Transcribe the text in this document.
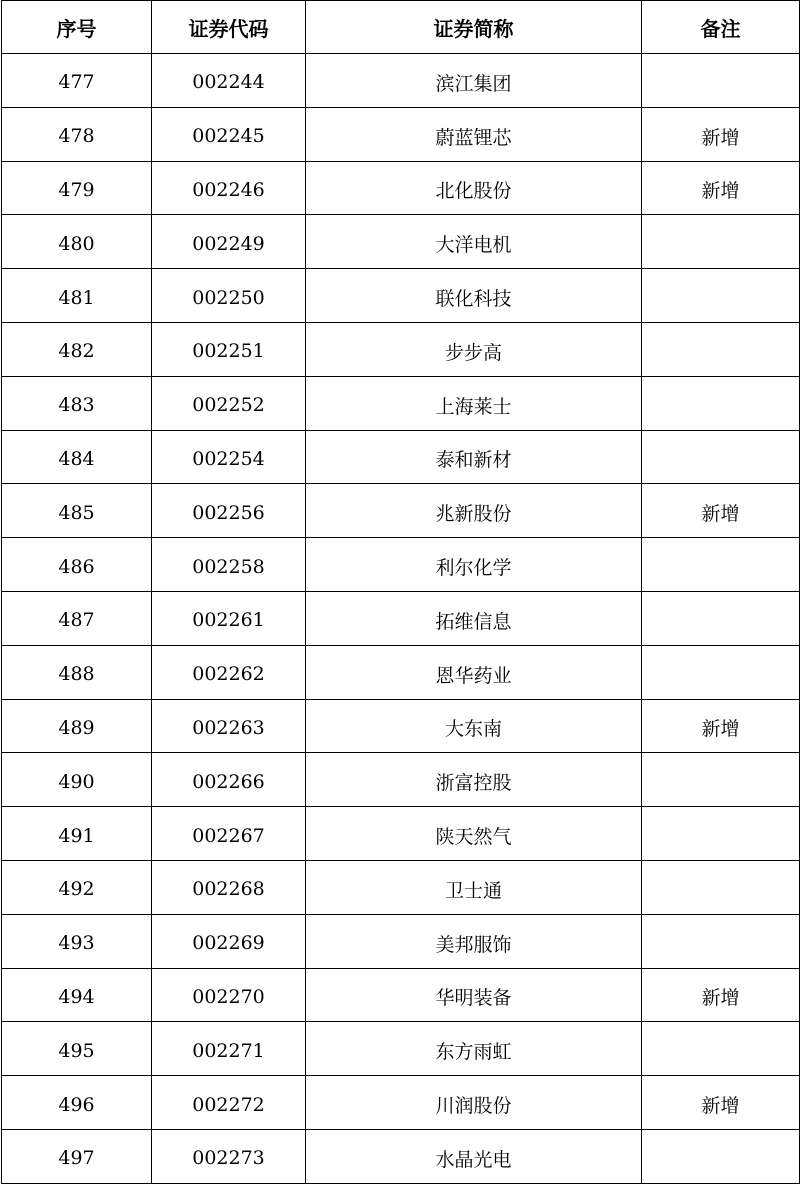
序号	证券代码	证券简称	备注
477	002244	滨江集团	
478	002245	蔚蓝锂芯	新增
479	002246	北化股份	新增
480	002249	大洋电机	
481	002250	联化科技	
482	002251	步步高	
483	002252	上海莱士	
484	002254	泰和新材	
485	002256	兆新股份	新增
486	002258	利尔化学	
487	002261	拓维信息	
488	002262	恩华药业	
489	002263	大东南	新增
490	002266	浙富控股	
491	002267	陕天然气	
492	002268	卫士通	
493	002269	美邦服饰	
494	002270	华明装备	新增
495	002271	东方雨虹	
496	002272	川润股份	新增
497	002273	水晶光电	
